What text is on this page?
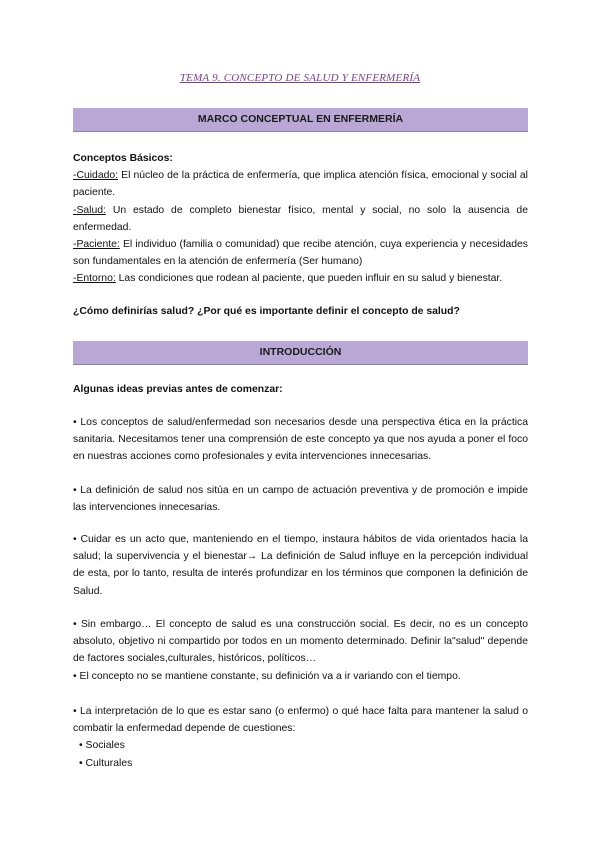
TEMA 9. CONCEPTO DE SALUD Y ENFERMERÍA
MARCO CONCEPTUAL EN ENFERMERÍA

Conceptos Básicos:

-Cuidado: El núcleo de la práctica de enfermería, que implica atención física, emocional y social al paciente.

-Salud: Un estado de completo bienestar físico, mental y social, no solo la ausencia de enfermedad.

-Paciente: El individuo (familia o comunidad) que recibe atención, cuya experiencia y necesidades son fundamentales en la atención de enfermería (Ser humano)

-Entorno: Las condiciones que rodean al paciente, que pueden influir en su salud y bienestar.

¿Cómo definirías salud? ¿Por qué es importante definir el concepto de salud?

INTRODUCCIÓN

Algunas ideas previas antes de comenzar:

• Los conceptos de salud/enfermedad son necesarios desde una perspectiva ética en la práctica sanitaria. Necesitamos tener una comprensión de este concepto ya que nos ayuda a poner el foco en nuestras acciones como profesionales y evita intervenciones innecesarias.

• La definición de salud nos sitúa en un campo de actuación preventiva y de promoción e impide las intervenciones innecesarias.

• Cuidar es un acto que, manteniendo en el tiempo, instaura hábitos de vida orientados hacia la salud; la supervivencia y el bienestar→ La definición de Salud influye en la percepción individual de esta, por lo tanto, resulta de interés profundizar en los términos que componen la definición de Salud.

• Sin embargo… El concepto de salud es una construcción social. Es decir, no es un concepto absoluto, objetivo ni compartido por todos en un momento determinado. Definir la"salud" depende de factores sociales,culturales, históricos, políticos…

• El concepto no se mantiene constante, su definición va a ir variando con el tiempo.

• La interpretación de lo que es estar sano (o enfermo) o qué hace falta para mantener la salud o combatir la enfermedad depende de cuestiones:

• Sociales

• Culturales
